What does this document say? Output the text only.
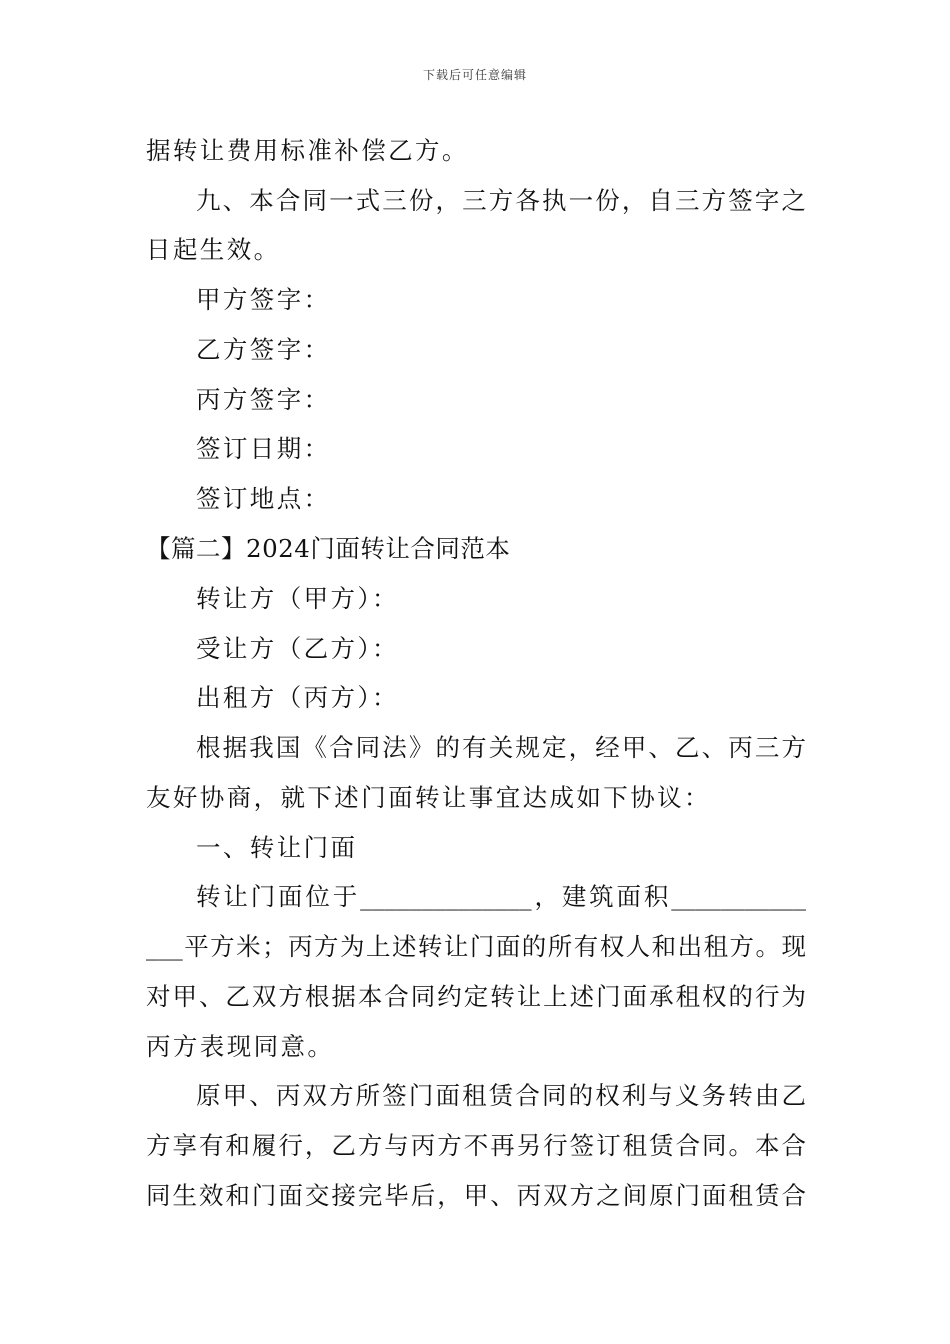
下载后可任意编辑
据转让费用标准补偿乙方。
九、本合同一式三份，三方各执一份，自三方签字之
日起生效。
甲方签字：
乙方签字：
丙方签字：
签订日期：
签订地点：
【篇二】2024门面转让合同范本
转让方（甲方）：
受让方（乙方）：
出租方（丙方）：
根据我国《合同法》的有关规定，经甲、乙、丙三方
友好协商，就下述门面转让事宜达成如下协议：
一、转让门面
转让门面位于______________，建筑面积___________
___平方米；丙方为上述转让门面的所有权人和出租方。现
对甲、乙双方根据本合同约定转让上述门面承租权的行为
丙方表现同意。
原甲、丙双方所签门面租赁合同的权利与义务转由乙
方享有和履行，乙方与丙方不再另行签订租赁合同。本合
同生效和门面交接完毕后，甲、丙双方之间原门面租赁合
